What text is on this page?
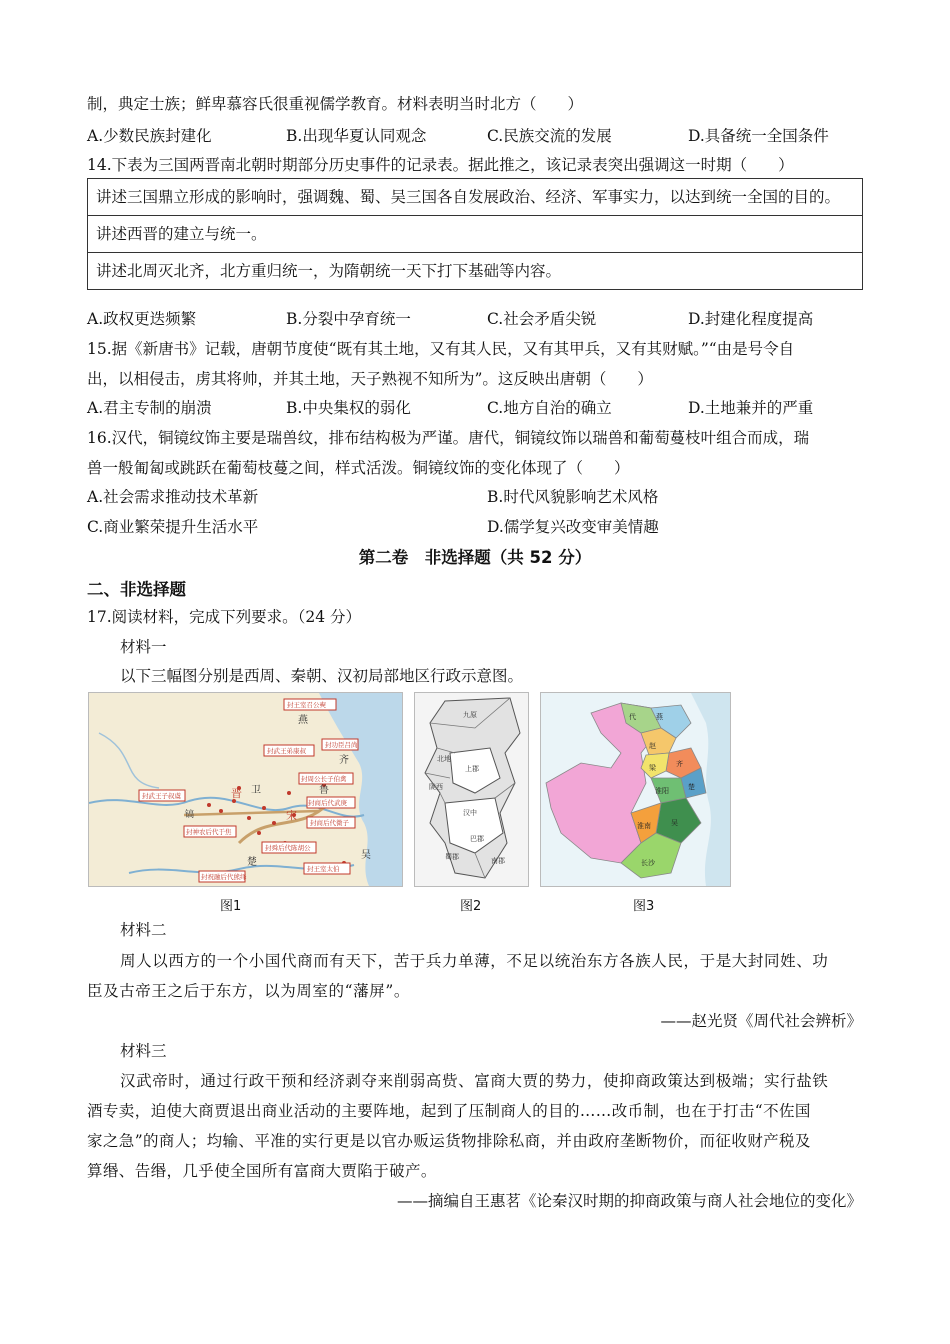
制，典定士族；鲜卑慕容氏很重视儒学教育。材料表明当时北方（　　）
A.少数民族封建化	B.出现华夏认同观念	C.民族交流的发展	D.具备统一全国条件
14.下表为三国两晋南北朝时期部分历史事件的记录表。据此推之，该记录表突出强调这一时期（　　）
讲述三国鼎立形成的影响时，强调魏、蜀、吴三国各自发展政治、经济、军事实力，以达到统一全国的目的。
讲述西晋的建立与统一。
讲述北周灭北齐，北方重归统一，为隋朝统一天下打下基础等内容。
A.政权更迭频繁	B.分裂中孕育统一	C.社会矛盾尖锐	D.封建化程度提高
15.据《新唐书》记载，唐朝节度使“既有其土地，又有其人民，又有其甲兵，又有其财赋。”“由是号令自
出，以相侵击，虏其将帅，并其土地，天子熟视不知所为”。这反映出唐朝（　　）
A.君主专制的崩溃	B.中央集权的弱化	C.地方自治的确立	D.土地兼并的严重
16.汉代，铜镜纹饰主要是瑞兽纹，排布结构极为严谨。唐代，铜镜纹饰以瑞兽和葡萄蔓枝叶组合而成，瑞
兽一般匍匐或跳跃在葡萄枝蔓之间，样式活泼。铜镜纹饰的变化体现了（　　）
A.社会需求推动技术革新	B.时代风貌影响艺术风格
C.商业繁荣提升生活水平	D.儒学复兴改变审美情趣
第二卷　非选择题（共 52 分）
二、非选择题
17.阅读材料，完成下列要求。（24 分）
材料一
以下三幅图分别是西周、秦朝、汉初局部地区行政示意图。
封王室召公奭
燕
封武王弟康叔
卫
封功臣吕尚
齐
封周公长子伯禽
鲁
封武王子叔虞	晋
封商后代微子
宋
封神农后代于焦
镐
封舜后代陈胡公
封王室太伯
吴
楚
封祝融后代熊绎
封商后代武庚
九原
上郡
北地
陇西
汉中
巴郡
蜀郡	南郡
燕
代
赵
齐
梁
淮阳	楚
吴
长沙
淮南
图1	图2	图3
材料二
周人以西方的一个小国代商而有天下，苦于兵力单薄，不足以统治东方各族人民，于是大封同姓、功
臣及古帝王之后于东方，以为周室的“藩屏”。
——赵光贤《周代社会辨析》
材料三
汉武帝时，通过行政干预和经济剥夺来削弱高赀、富商大贾的势力，使抑商政策达到极端；实行盐铁
酒专卖，迫使大商贾退出商业活动的主要阵地，起到了压制商人的目的……改币制，也在于打击“不佐国
家之急”的商人；均输、平准的实行更是以官办贩运货物排除私商，并由政府垄断物价，而征收财产税及
算缗、告缗，几乎使全国所有富商大贾陷于破产。
——摘编自王惠茗《论秦汉时期的抑商政策与商人社会地位的变化》
